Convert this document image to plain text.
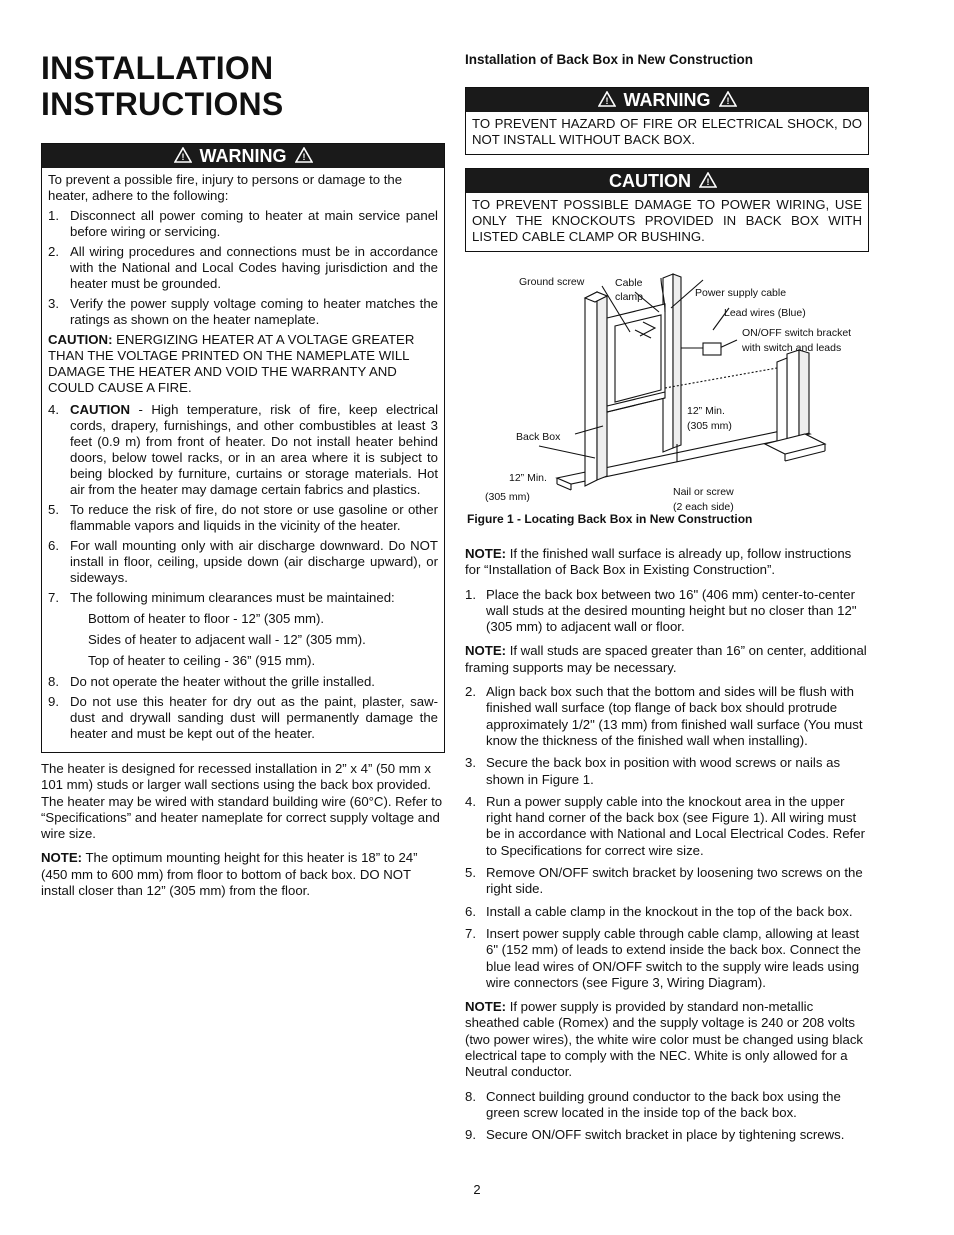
INSTALLATION
INSTRUCTIONS
! WARNING !
To prevent a possible fire, injury to persons or damage to the heater, adhere to the following:
1. Disconnect all power coming to heater at main service panel before wiring or servicing.
2. All wiring procedures and connections must be in accordance with the National and Local Codes having jurisdiction and the heater must be grounded.
3. Verify the power supply voltage coming to heater matches the ratings as shown on the heater nameplate.
CAUTION: ENERGIZING HEATER AT A VOLTAGE GREATER THAN THE VOLTAGE PRINTED ON THE NAMEPLATE WILL DAMAGE THE HEATER AND VOID THE WARRANTY AND COULD CAUSE A FIRE.
4. CAUTION - High temperature, risk of fire, keep electrical cords, drapery, furnishings, and other combustibles at least 3 feet (0.9 m) from front of heater. Do not install heater behind doors, below towel racks, or in an area where it is subject to being blocked by furniture, curtains or storage materials. Hot air from the heater may damage certain fabrics and plastics.
5. To reduce the risk of fire, do not store or use gasoline or other flammable vapors and liquids in the vicinity of the heater.
6. For wall mounting only with air discharge downward. Do NOT install in floor, ceiling, upside down (air discharge upward), or sideways.
7. The following minimum clearances must be maintained:
Bottom of heater to floor - 12” (305 mm).
Sides of heater to adjacent wall - 12” (305 mm).
Top of heater to ceiling - 36” (915 mm).
8. Do not operate the heater without the grille installed.
9. Do not use this heater for dry out as the paint, plaster, saw-dust and drywall sanding dust will permanently damage the heater and must be kept out of the heater.

The heater is designed for recessed installation in 2” x 4” (50 mm x 101 mm) studs or larger wall sections using the back box provided. The heater may be wired with standard building wire (60°C). Refer to “Specifications” and heater nameplate for correct supply voltage and wire size.

NOTE: The optimum mounting height for this heater is 18” to 24” (450 mm to 600 mm) from floor to bottom of back box. DO NOT install closer than 12” (305 mm) from the floor.

Installation of Back Box in New Construction
! WARNING !
TO PREVENT HAZARD OF FIRE OR ELECTRICAL SHOCK, DO NOT INSTALL WITHOUT BACK BOX.
CAUTION !
TO PREVENT POSSIBLE DAMAGE TO POWER WIRING, USE ONLY THE KNOCKOUTS PROVIDED IN BACK BOX WITH LISTED CABLE CLAMP OR BUSHING.
Ground screw	Cable
clamp	Power supply cable
Lead wires (Blue)
ON/OFF switch bracket
with switch and leads
12” Min.
(305 mm)
Back Box
12” Min.
(305 mm)	Nail or screw
(2 each side)
Figure 1 - Locating Back Box in New Construction

NOTE: If the finished wall surface is already up, follow instructions for “Installation of Back Box in Existing Construction”.

1. Place the back box between two 16" (406 mm) center-to-center wall studs at the desired mounting height but no closer than 12" (305 mm) to adjacent wall or floor.

NOTE: If wall studs are spaced greater than 16” on center, additional framing supports may be necessary.

2. Align back box such that the bottom and sides will be flush with finished wall surface (top flange of back box should protrude approximately 1/2" (13 mm) from finished wall surface (You must know the thickness of the finished wall when installing).
3. Secure the back box in position with wood screws or nails as shown in Figure 1.
4. Run a power supply cable into the knockout area in the upper right hand corner of the back box (see Figure 1). All wiring must be in accordance with National and Local Electrical Codes. Refer to Specifications for correct wire size.
5. Remove ON/OFF switch bracket by loosening two screws on the right side.
6. Install a cable clamp in the knockout in the top of the back box.
7. Insert power supply cable through cable clamp, allowing at least 6" (152 mm) of leads to extend inside the back box. Connect the blue lead wires of ON/OFF switch to the supply wire leads using wire connectors (see Figure 3, Wiring Diagram).

NOTE: If power supply is provided by standard non-metallic sheathed cable (Romex) and the supply voltage is 240 or 208 volts (two power wires), the white wire color must be changed using black electrical tape to comply with the NEC. White is only allowed for a Neutral conductor.

8. Connect building ground conductor to the back box using the green screw located in the inside top of the back box.
9. Secure ON/OFF switch bracket in place by tightening screws.
2
